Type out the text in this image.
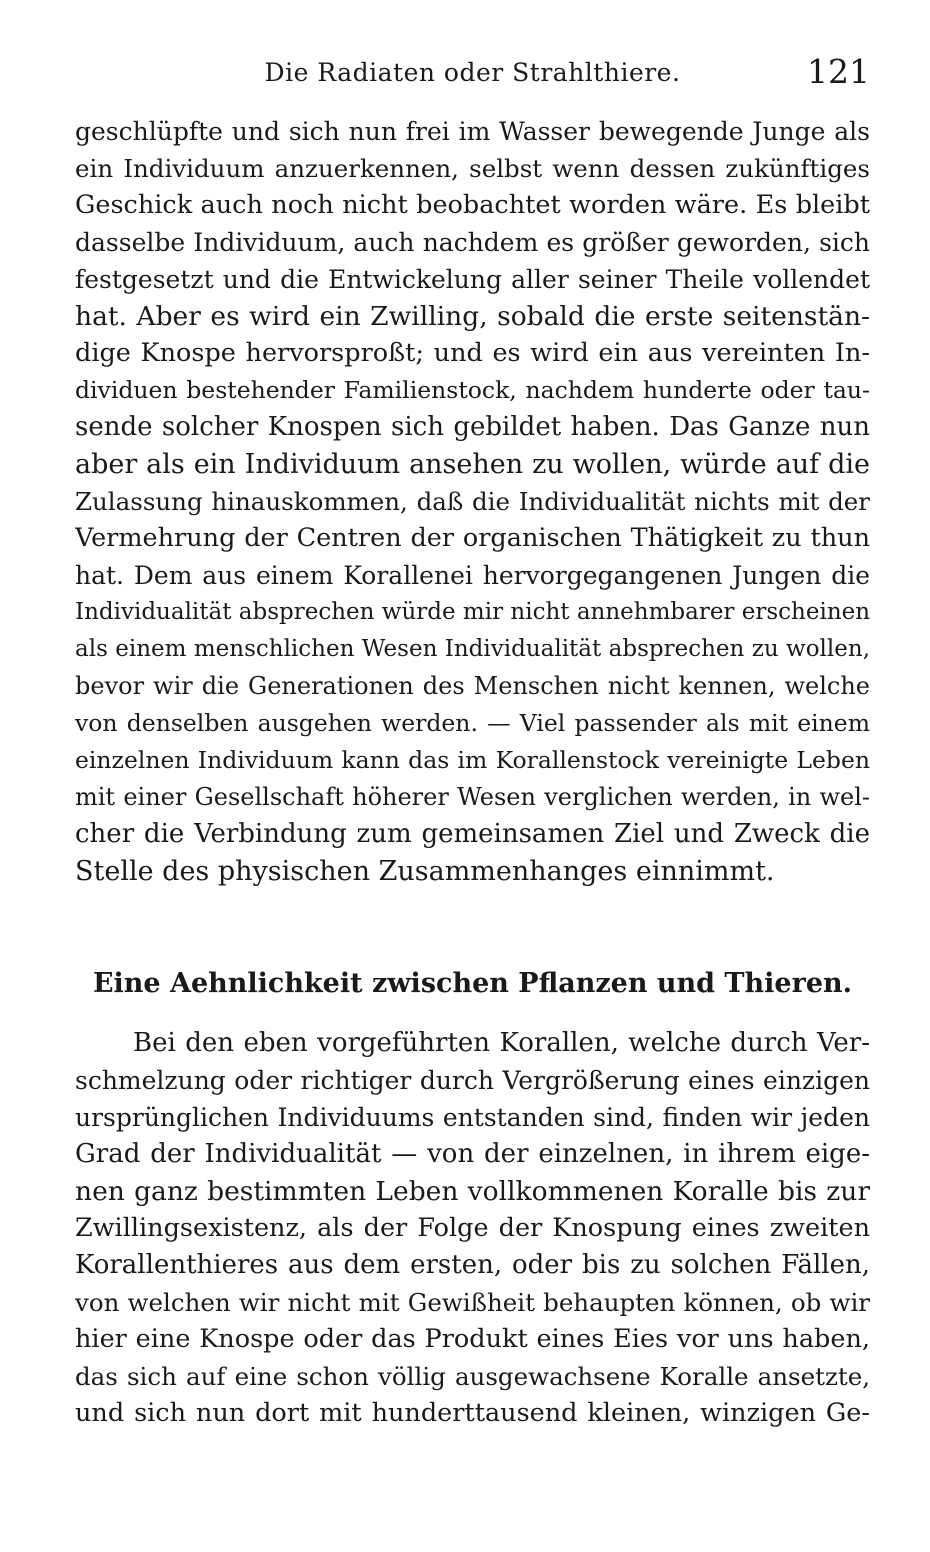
Die Radiaten oder Strahlthiere.	121
geschlüpfte und sich nun frei im Wasser bewegende Junge als
ein Individuum anzuerkennen, selbst wenn dessen zukünftiges
Geschick auch noch nicht beobachtet worden wäre. Es bleibt
dasselbe Individuum, auch nachdem es größer geworden, sich
festgesetzt und die Entwickelung aller seiner Theile vollendet
hat. Aber es wird ein Zwilling, sobald die erste seitenstän-
dige Knospe hervorsproßt; und es wird ein aus vereinten In-
dividuen bestehender Familienstock, nachdem hunderte oder tau-
sende solcher Knospen sich gebildet haben. Das Ganze nun
aber als ein Individuum ansehen zu wollen, würde auf die
Zulassung hinauskommen, daß die Individualität nichts mit der
Vermehrung der Centren der organischen Thätigkeit zu thun
hat. Dem aus einem Korallenei hervorgegangenen Jungen die
Individualität absprechen würde mir nicht annehmbarer erscheinen
als einem menschlichen Wesen Individualität absprechen zu wollen,
bevor wir die Generationen des Menschen nicht kennen, welche
von denselben ausgehen werden. — Viel passender als mit einem
einzelnen Individuum kann das im Korallenstock vereinigte Leben
mit einer Gesellschaft höherer Wesen verglichen werden, in wel-
cher die Verbindung zum gemeinsamen Ziel und Zweck die
Stelle des physischen Zusammenhanges einnimmt.
Eine Aehnlichkeit zwischen Pflanzen und Thieren.
Bei den eben vorgeführten Korallen, welche durch Ver-
schmelzung oder richtiger durch Vergrößerung eines einzigen
ursprünglichen Individuums entstanden sind, finden wir jeden
Grad der Individualität — von der einzelnen, in ihrem eige-
nen ganz bestimmten Leben vollkommenen Koralle bis zur
Zwillingsexistenz, als der Folge der Knospung eines zweiten
Korallenthieres aus dem ersten, oder bis zu solchen Fällen,
von welchen wir nicht mit Gewißheit behaupten können, ob wir
hier eine Knospe oder das Produkt eines Eies vor uns haben,
das sich auf eine schon völlig ausgewachsene Koralle ansetzte,
und sich nun dort mit hunderttausend kleinen, winzigen Ge-
